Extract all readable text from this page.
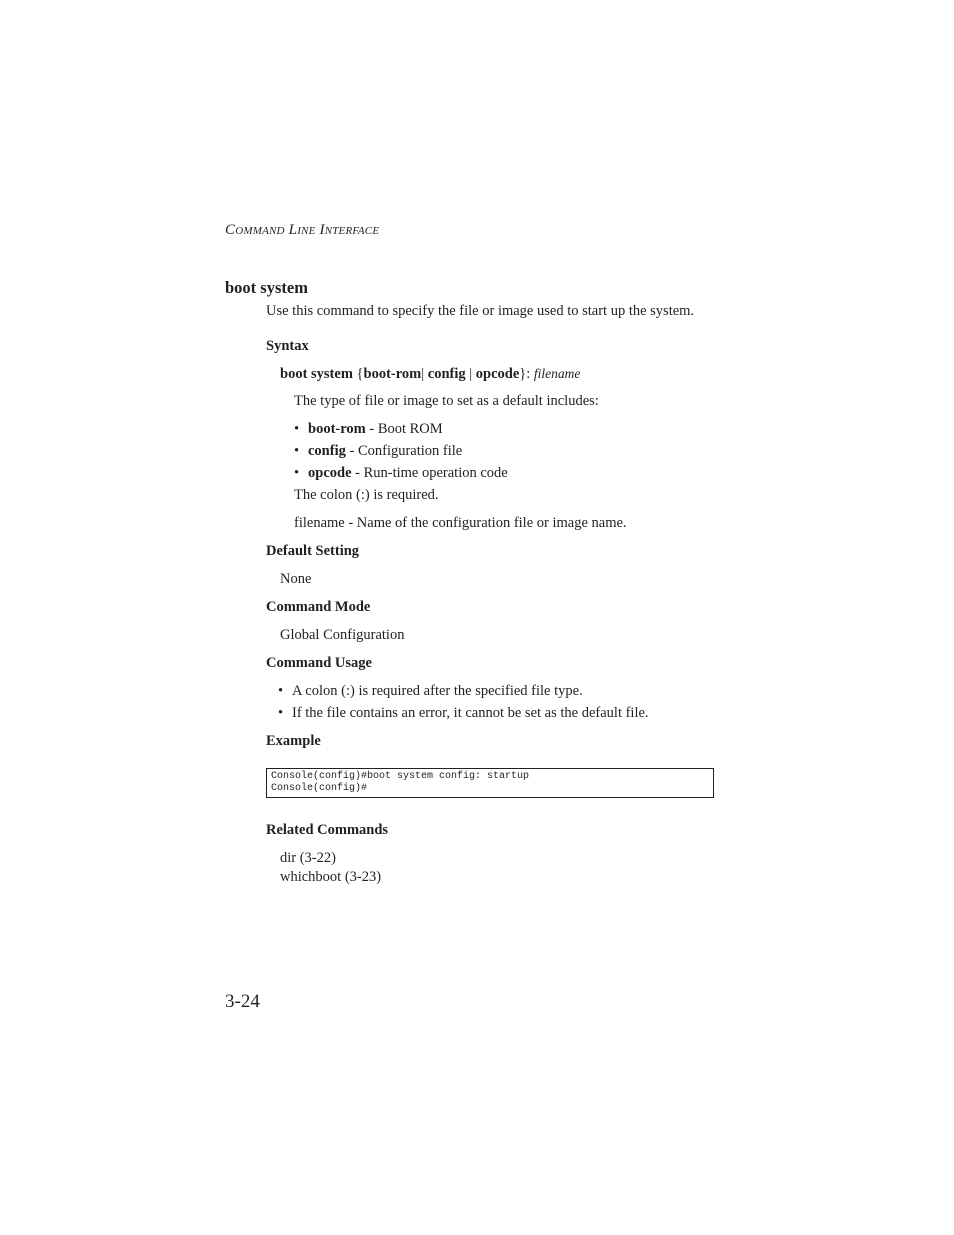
COMMAND LINE INTERFACE
boot system
Use this command to specify the file or image used to start up the system.
Syntax
boot system {boot-rom| config | opcode}: filename
The type of file or image to set as a default includes:
• boot-rom - Boot ROM
• config - Configuration file
• opcode - Run-time operation code
The colon (:) is required.
filename - Name of the configuration file or image name.
Default Setting
None
Command Mode
Global Configuration
Command Usage
• A colon (:) is required after the specified file type.
• If the file contains an error, it cannot be set as the default file.
Example
Console(config)#boot system config: startup
Console(config)#
Related Commands
dir (3-22)
whichboot (3-23)
3-24
